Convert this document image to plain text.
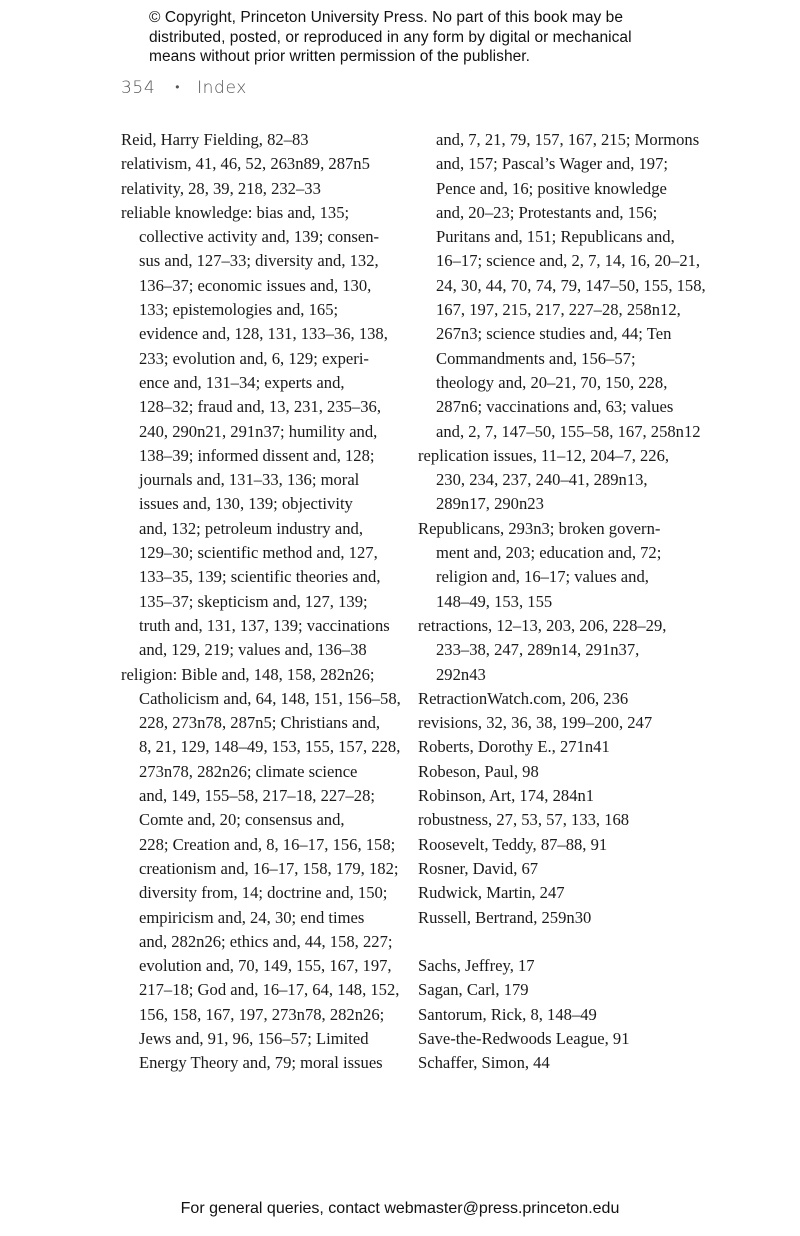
© Copyright, Princeton University Press. No part of this book may be
distributed, posted, or reproduced in any form by digital or mechanical
means without prior written permission of the publisher.
354 • Index
Reid, Harry Fielding, 82–83
relativism, 41, 46, 52, 263n89, 287n5
relativity, 28, 39, 218, 232–33
reliable knowledge: bias and, 135;
collective activity and, 139; consen-
sus and, 127–33; diversity and, 132,
136–37; economic issues and, 130,
133; epistemologies and, 165;
evidence and, 128, 131, 133–36, 138,
233; evolution and, 6, 129; experi-
ence and, 131–34; experts and,
128–32; fraud and, 13, 231, 235–36,
240, 290n21, 291n37; humility and,
138–39; informed dissent and, 128;
journals and, 131–33, 136; moral
issues and, 130, 139; objectivity
and, 132; petroleum industry and,
129–30; scientific method and, 127,
133–35, 139; scientific theories and,
135–37; skepticism and, 127, 139;
truth and, 131, 137, 139; vaccinations
and, 129, 219; values and, 136–38
religion: Bible and, 148, 158, 282n26;
Catholicism and, 64, 148, 151, 156–58,
228, 273n78, 287n5; Christians and,
8, 21, 129, 148–49, 153, 155, 157, 228,
273n78, 282n26; climate science
and, 149, 155–58, 217–18, 227–28;
Comte and, 20; consensus and,
228; Creation and, 8, 16–17, 156, 158;
creationism and, 16–17, 158, 179, 182;
diversity from, 14; doctrine and, 150;
empiricism and, 24, 30; end times
and, 282n26; ethics and, 44, 158, 227;
evolution and, 70, 149, 155, 167, 197,
217–18; God and, 16–17, 64, 148, 152,
156, 158, 167, 197, 273n78, 282n26;
Jews and, 91, 96, 156–57; Limited
Energy Theory and, 79; moral issues
and, 7, 21, 79, 157, 167, 215; Mormons
and, 157; Pascal’s Wager and, 197;
Pence and, 16; positive knowledge
and, 20–23; Protestants and, 156;
Puritans and, 151; Republicans and,
16–17; science and, 2, 7, 14, 16, 20–21,
24, 30, 44, 70, 74, 79, 147–50, 155, 158,
167, 197, 215, 217, 227–28, 258n12,
267n3; science studies and, 44; Ten
Commandments and, 156–57;
theology and, 20–21, 70, 150, 228,
287n6; vaccinations and, 63; values
and, 2, 7, 147–50, 155–58, 167, 258n12
replication issues, 11–12, 204–7, 226,
230, 234, 237, 240–41, 289n13,
289n17, 290n23
Republicans, 293n3; broken govern-
ment and, 203; education and, 72;
religion and, 16–17; values and,
148–49, 153, 155
retractions, 12–13, 203, 206, 228–29,
233–38, 247, 289n14, 291n37,
292n43
RetractionWatch.com, 206, 236
revisions, 32, 36, 38, 199–200, 247
Roberts, Dorothy E., 271n41
Robeson, Paul, 98
Robinson, Art, 174, 284n1
robustness, 27, 53, 57, 133, 168
Roosevelt, Teddy, 87–88, 91
Rosner, David, 67
Rudwick, Martin, 247
Russell, Bertrand, 259n30
Sachs, Jeffrey, 17
Sagan, Carl, 179
Santorum, Rick, 8, 148–49
Save-the-Redwoods League, 91
Schaffer, Simon, 44
For general queries, contact webmaster@press.princeton.edu
